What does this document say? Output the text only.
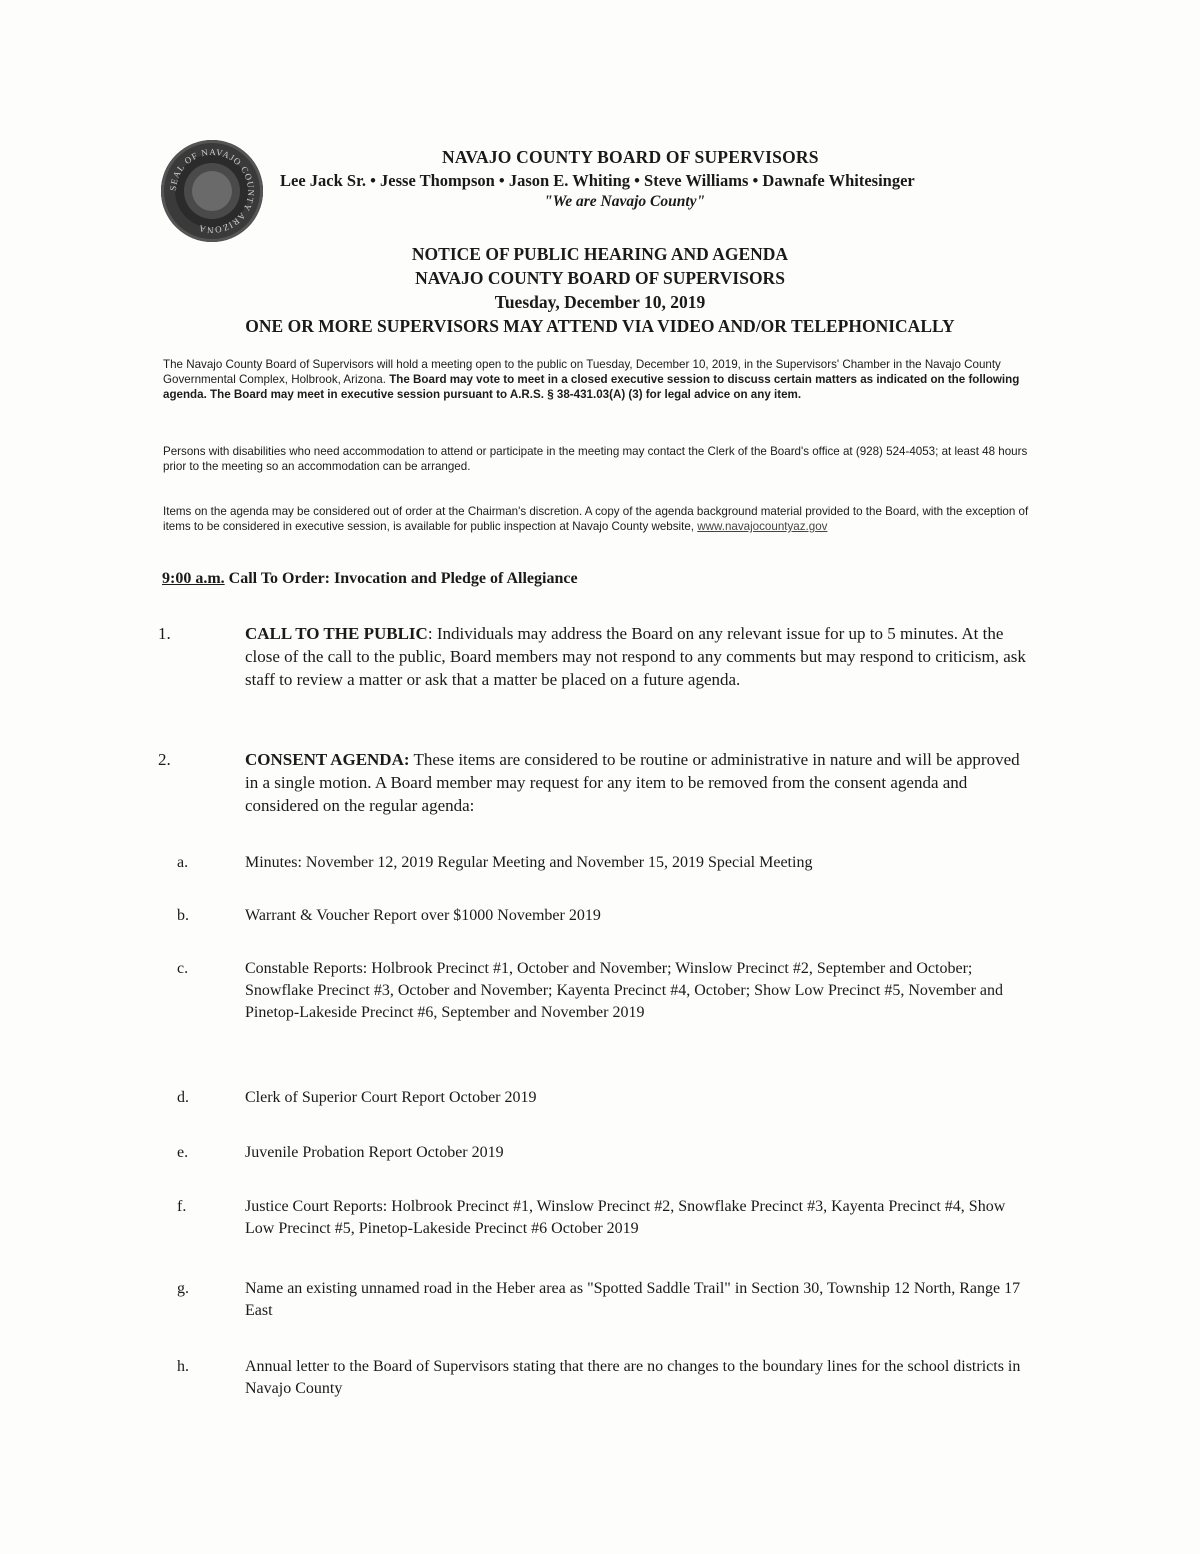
SEAL OF NAVAJO COUNTY ARIZONA
NAVAJO COUNTY BOARD OF SUPERVISORS
Lee Jack Sr. • Jesse Thompson • Jason E. Whiting • Steve Williams • Dawnafe Whitesinger
"We are Navajo County"
NOTICE OF PUBLIC HEARING AND AGENDA
NAVAJO COUNTY BOARD OF SUPERVISORS
Tuesday, December 10, 2019
ONE OR MORE SUPERVISORS MAY ATTEND VIA VIDEO AND/OR TELEPHONICALLY
The Navajo County Board of Supervisors will hold a meeting open to the public on Tuesday, December 10, 2019, in the Supervisors' Chamber in the Navajo County Governmental Complex, Holbrook, Arizona. The Board may vote to meet in a closed executive session to discuss certain matters as indicated on the following agenda. The Board may meet in executive session pursuant to A.R.S. § 38-431.03(A) (3) for legal advice on any item.
Persons with disabilities who need accommodation to attend or participate in the meeting may contact the Clerk of the Board's office at (928) 524-4053; at least 48 hours prior to the meeting so an accommodation can be arranged.
Items on the agenda may be considered out of order at the Chairman's discretion. A copy of the agenda background material provided to the Board, with the exception of items to be considered in executive session, is available for public inspection at Navajo County website, www.navajocountyaz.gov
9:00 a.m. Call To Order: Invocation and Pledge of Allegiance
1.	CALL TO THE PUBLIC: Individuals may address the Board on any relevant issue for up to 5 minutes. At the close of the call to the public, Board members may not respond to any comments but may respond to criticism, ask staff to review a matter or ask that a matter be placed on a future agenda.
2.	CONSENT AGENDA: These items are considered to be routine or administrative in nature and will be approved in a single motion. A Board member may request for any item to be removed from the consent agenda and considered on the regular agenda:
a.	Minutes: November 12, 2019 Regular Meeting and November 15, 2019 Special Meeting
b.	Warrant & Voucher Report over $1000 November 2019
c.	Constable Reports: Holbrook Precinct #1, October and November; Winslow Precinct #2, September and October; Snowflake Precinct #3, October and November; Kayenta Precinct #4, October; Show Low Precinct #5, November and Pinetop-Lakeside Precinct #6, September and November 2019
d.	Clerk of Superior Court Report October 2019
e.	Juvenile Probation Report October 2019
f.	Justice Court Reports: Holbrook Precinct #1, Winslow Precinct #2, Snowflake Precinct #3, Kayenta Precinct #4, Show Low Precinct #5, Pinetop-Lakeside Precinct #6 October 2019
g.	Name an existing unnamed road in the Heber area as "Spotted Saddle Trail" in Section 30, Township 12 North, Range 17 East
h.	Annual letter to the Board of Supervisors stating that there are no changes to the boundary lines for the school districts in Navajo County
